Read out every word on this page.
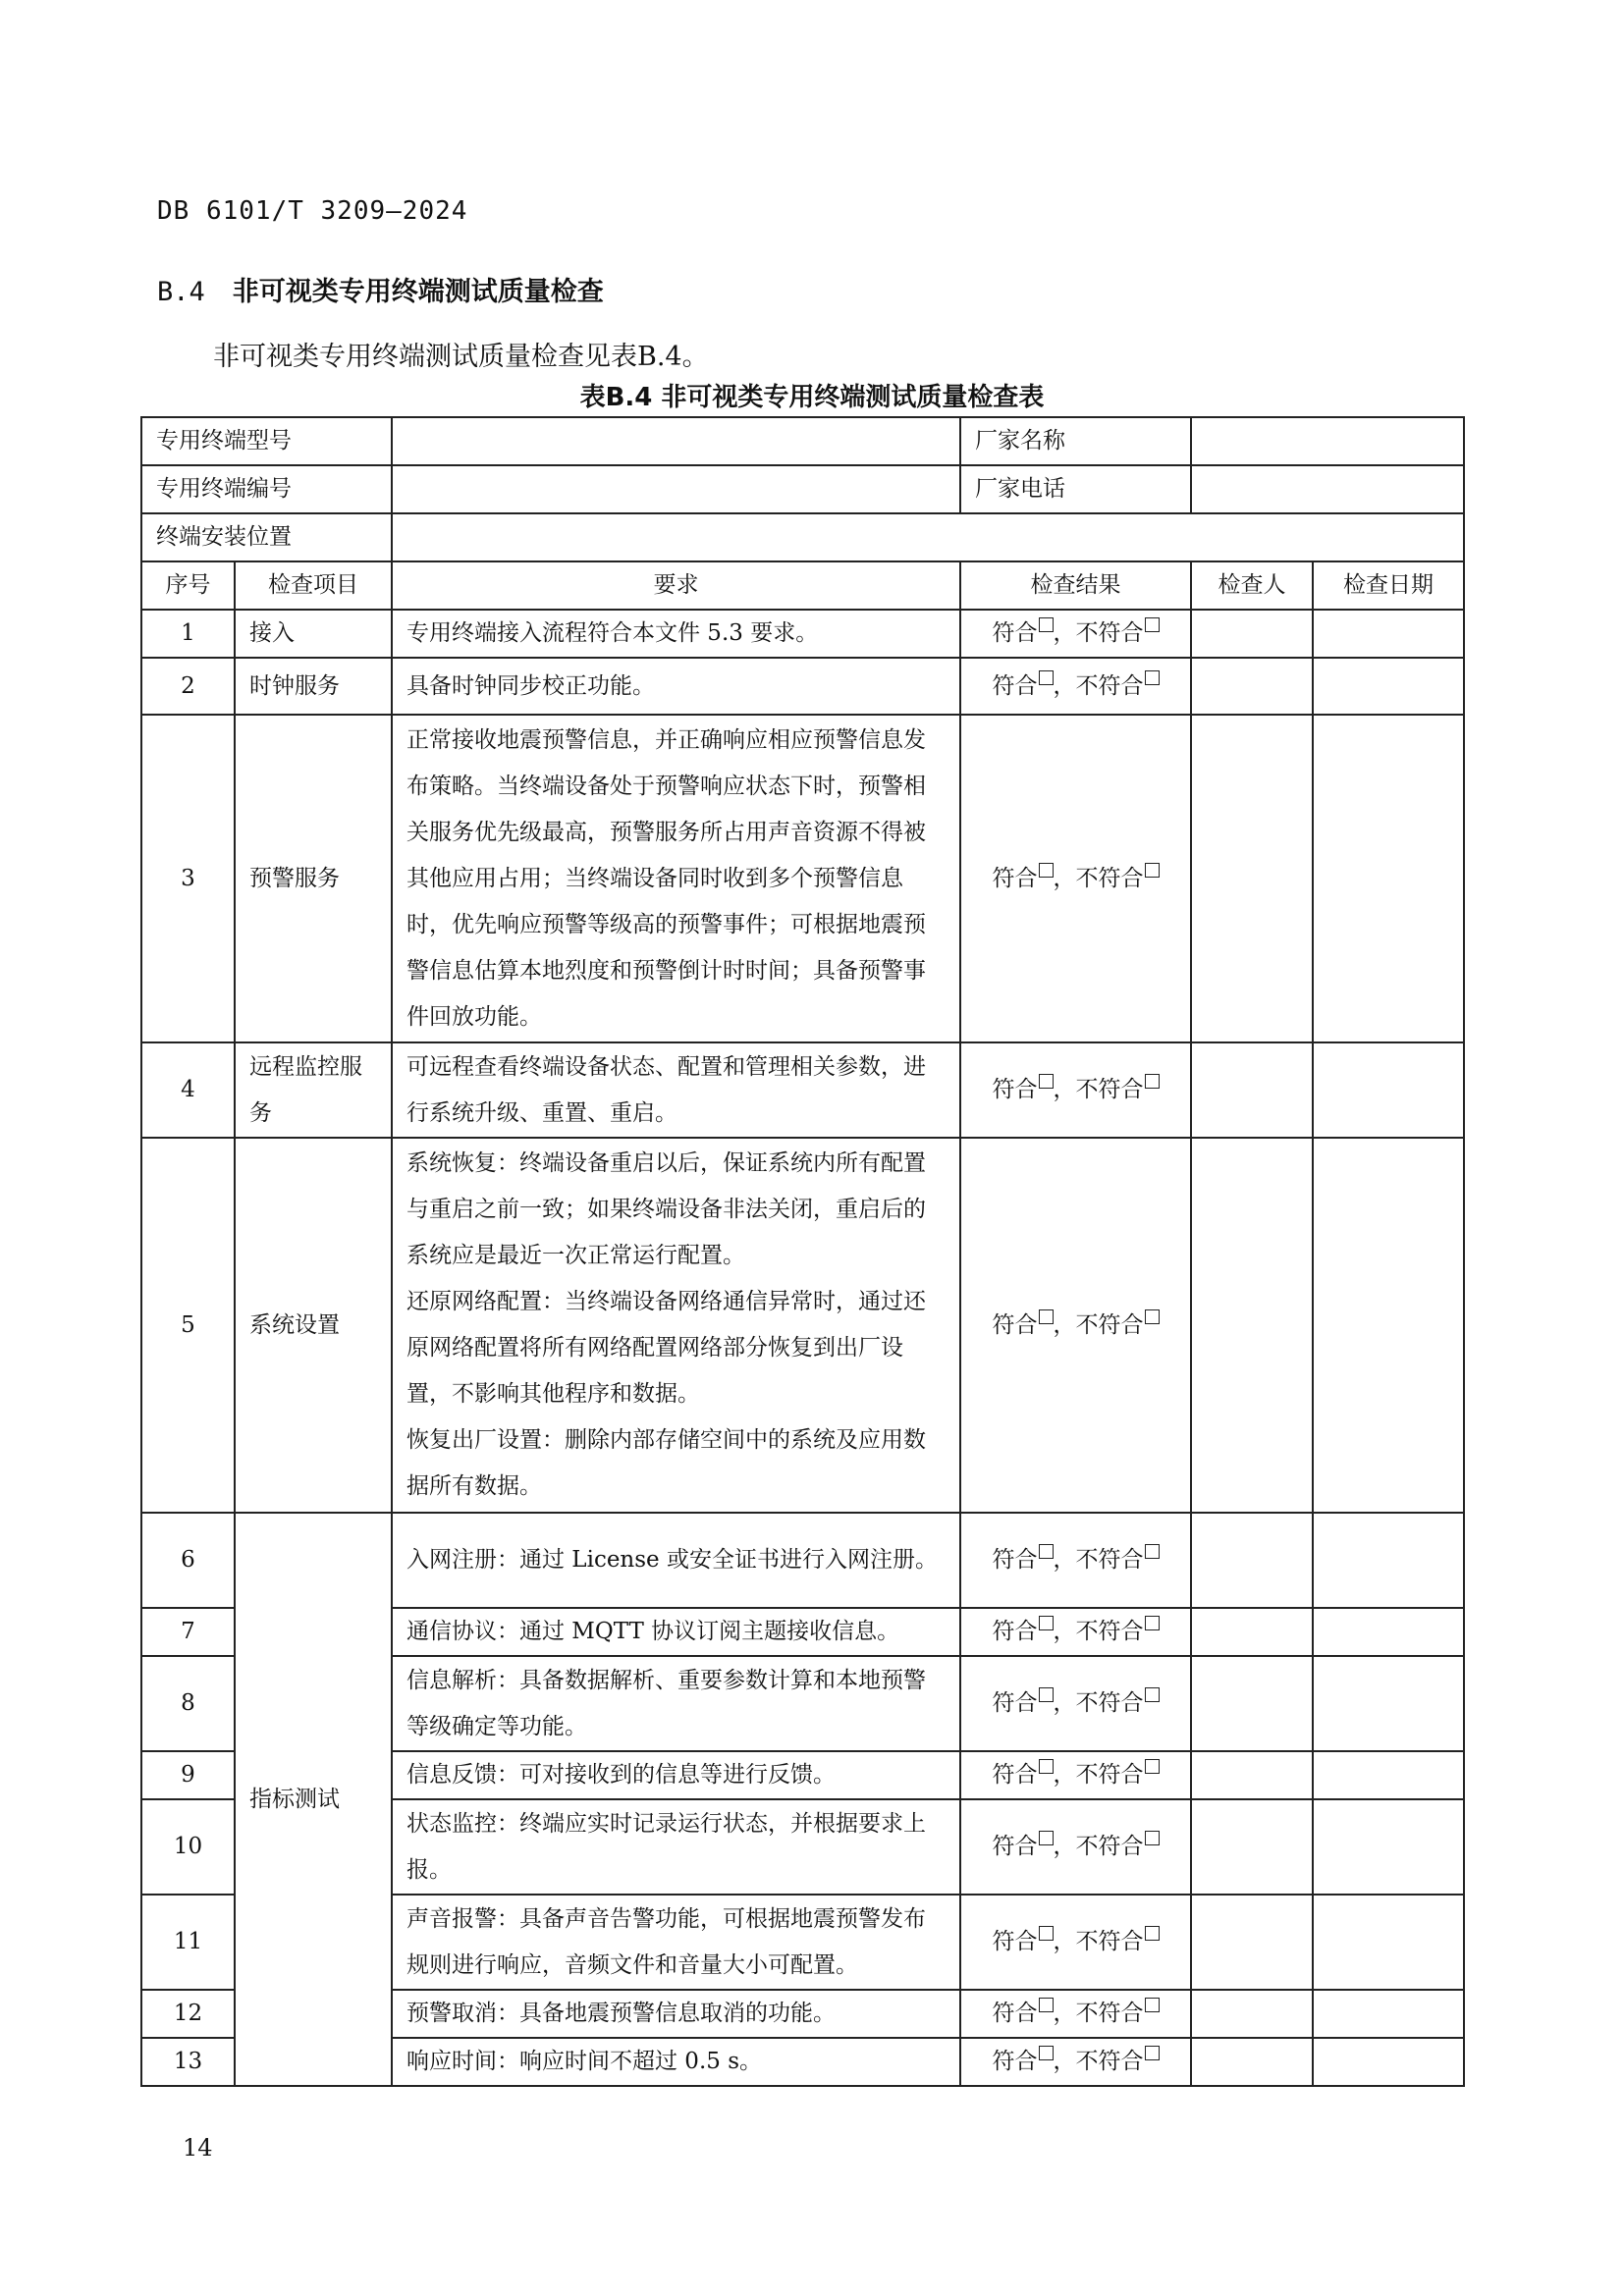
DB 6101/T 3209—2024
B.4 非可视类专用终端测试质量检查
非可视类专用终端测试质量检查见表B.4。
表B.4 非可视类专用终端测试质量检查表
专用终端型号			厂家名称		
专用终端编号			厂家电话		
终端安装位置					
序号	检查项目	要求	检查结果	检查人	检查日期
1	接入	专用终端接入流程符合本文件 5.3 要求。	符合 ，不符合		
2	时钟服务	具备时钟同步校正功能。	符合 ，不符合		
3	预警服务	正常接收地震预警信息，并正确响应相应预警信息发布策略。当终端设备处于预警响应状态下时，预警相关服务优先级最高，预警服务所占用声音资源不得被其他应用占用；当终端设备同时收到多个预警信息时，优先响应预警等级高的预警事件；可根据地震预警信息估算本地烈度和预警倒计时时间；具备预警事件回放功能。	符合 ，不符合		
4	远程监控服务	可远程查看终端设备状态、配置和管理相关参数，进行系统升级、重置、重启。	符合 ，不符合		
5	系统设置	系统恢复：终端设备重启以后，保证系统内所有配置与重启之前一致；如果终端设备非法关闭，重启后的系统应是最近一次正常运行配置。
还原网络配置：当终端设备网络通信异常时，通过还原网络配置将所有网络配置网络部分恢复到出厂设置，不影响其他程序和数据。
恢复出厂设置：删除内部存储空间中的系统及应用数据所有数据。	符合 ，不符合		
6	指标测试	入网注册：通过 License 或安全证书进行入网注册。	符合 ，不符合		
7		通信协议：通过 MQTT 协议订阅主题接收信息。	符合 ，不符合		
8		信息解析：具备数据解析、重要参数计算和本地预警等级确定等功能。	符合 ，不符合		
9		信息反馈：可对接收到的信息等进行反馈。	符合 ，不符合		
10		状态监控：终端应实时记录运行状态，并根据要求上报。	符合 ，不符合		
11		声音报警：具备声音告警功能，可根据地震预警发布规则进行响应，音频文件和音量大小可配置。	符合 ，不符合		
12		预警取消：具备地震预警信息取消的功能。	符合 ，不符合		
13		响应时间：响应时间不超过 0.5 s。	符合 ，不符合		
14
